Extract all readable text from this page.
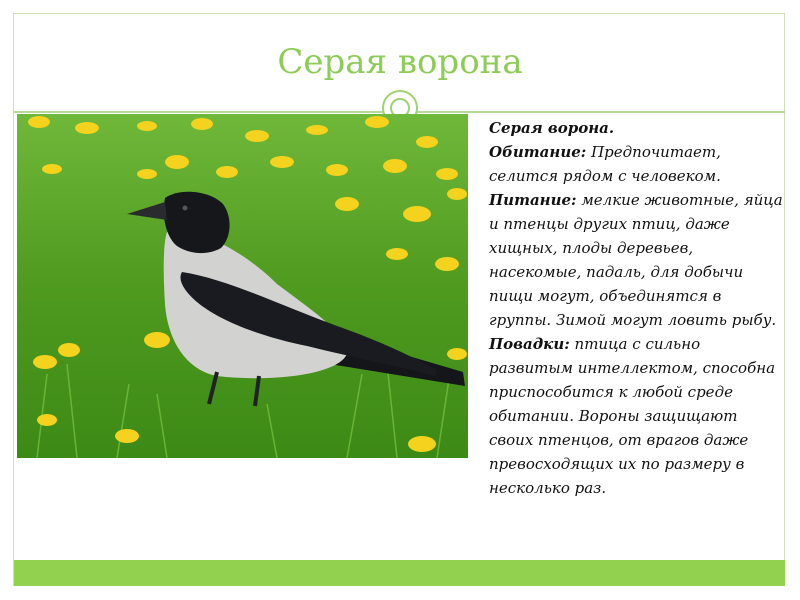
Серая ворона

Серая ворона.
Обитание: Предпочитает, селится рядом с человеком.
Питание: мелкие животные, яйца и птенцы других птиц, даже хищных, плоды деревьев, насекомые, падаль, для добычи пищи могут, объединятся в группы. Зимой могут ловить рыбу.
Повадки: птица с сильно развитым интеллектом, способна приспособится к любой среде обитании. Вороны защищают своих птенцов, от врагов даже превосходящих их по размеру в несколько раз.
